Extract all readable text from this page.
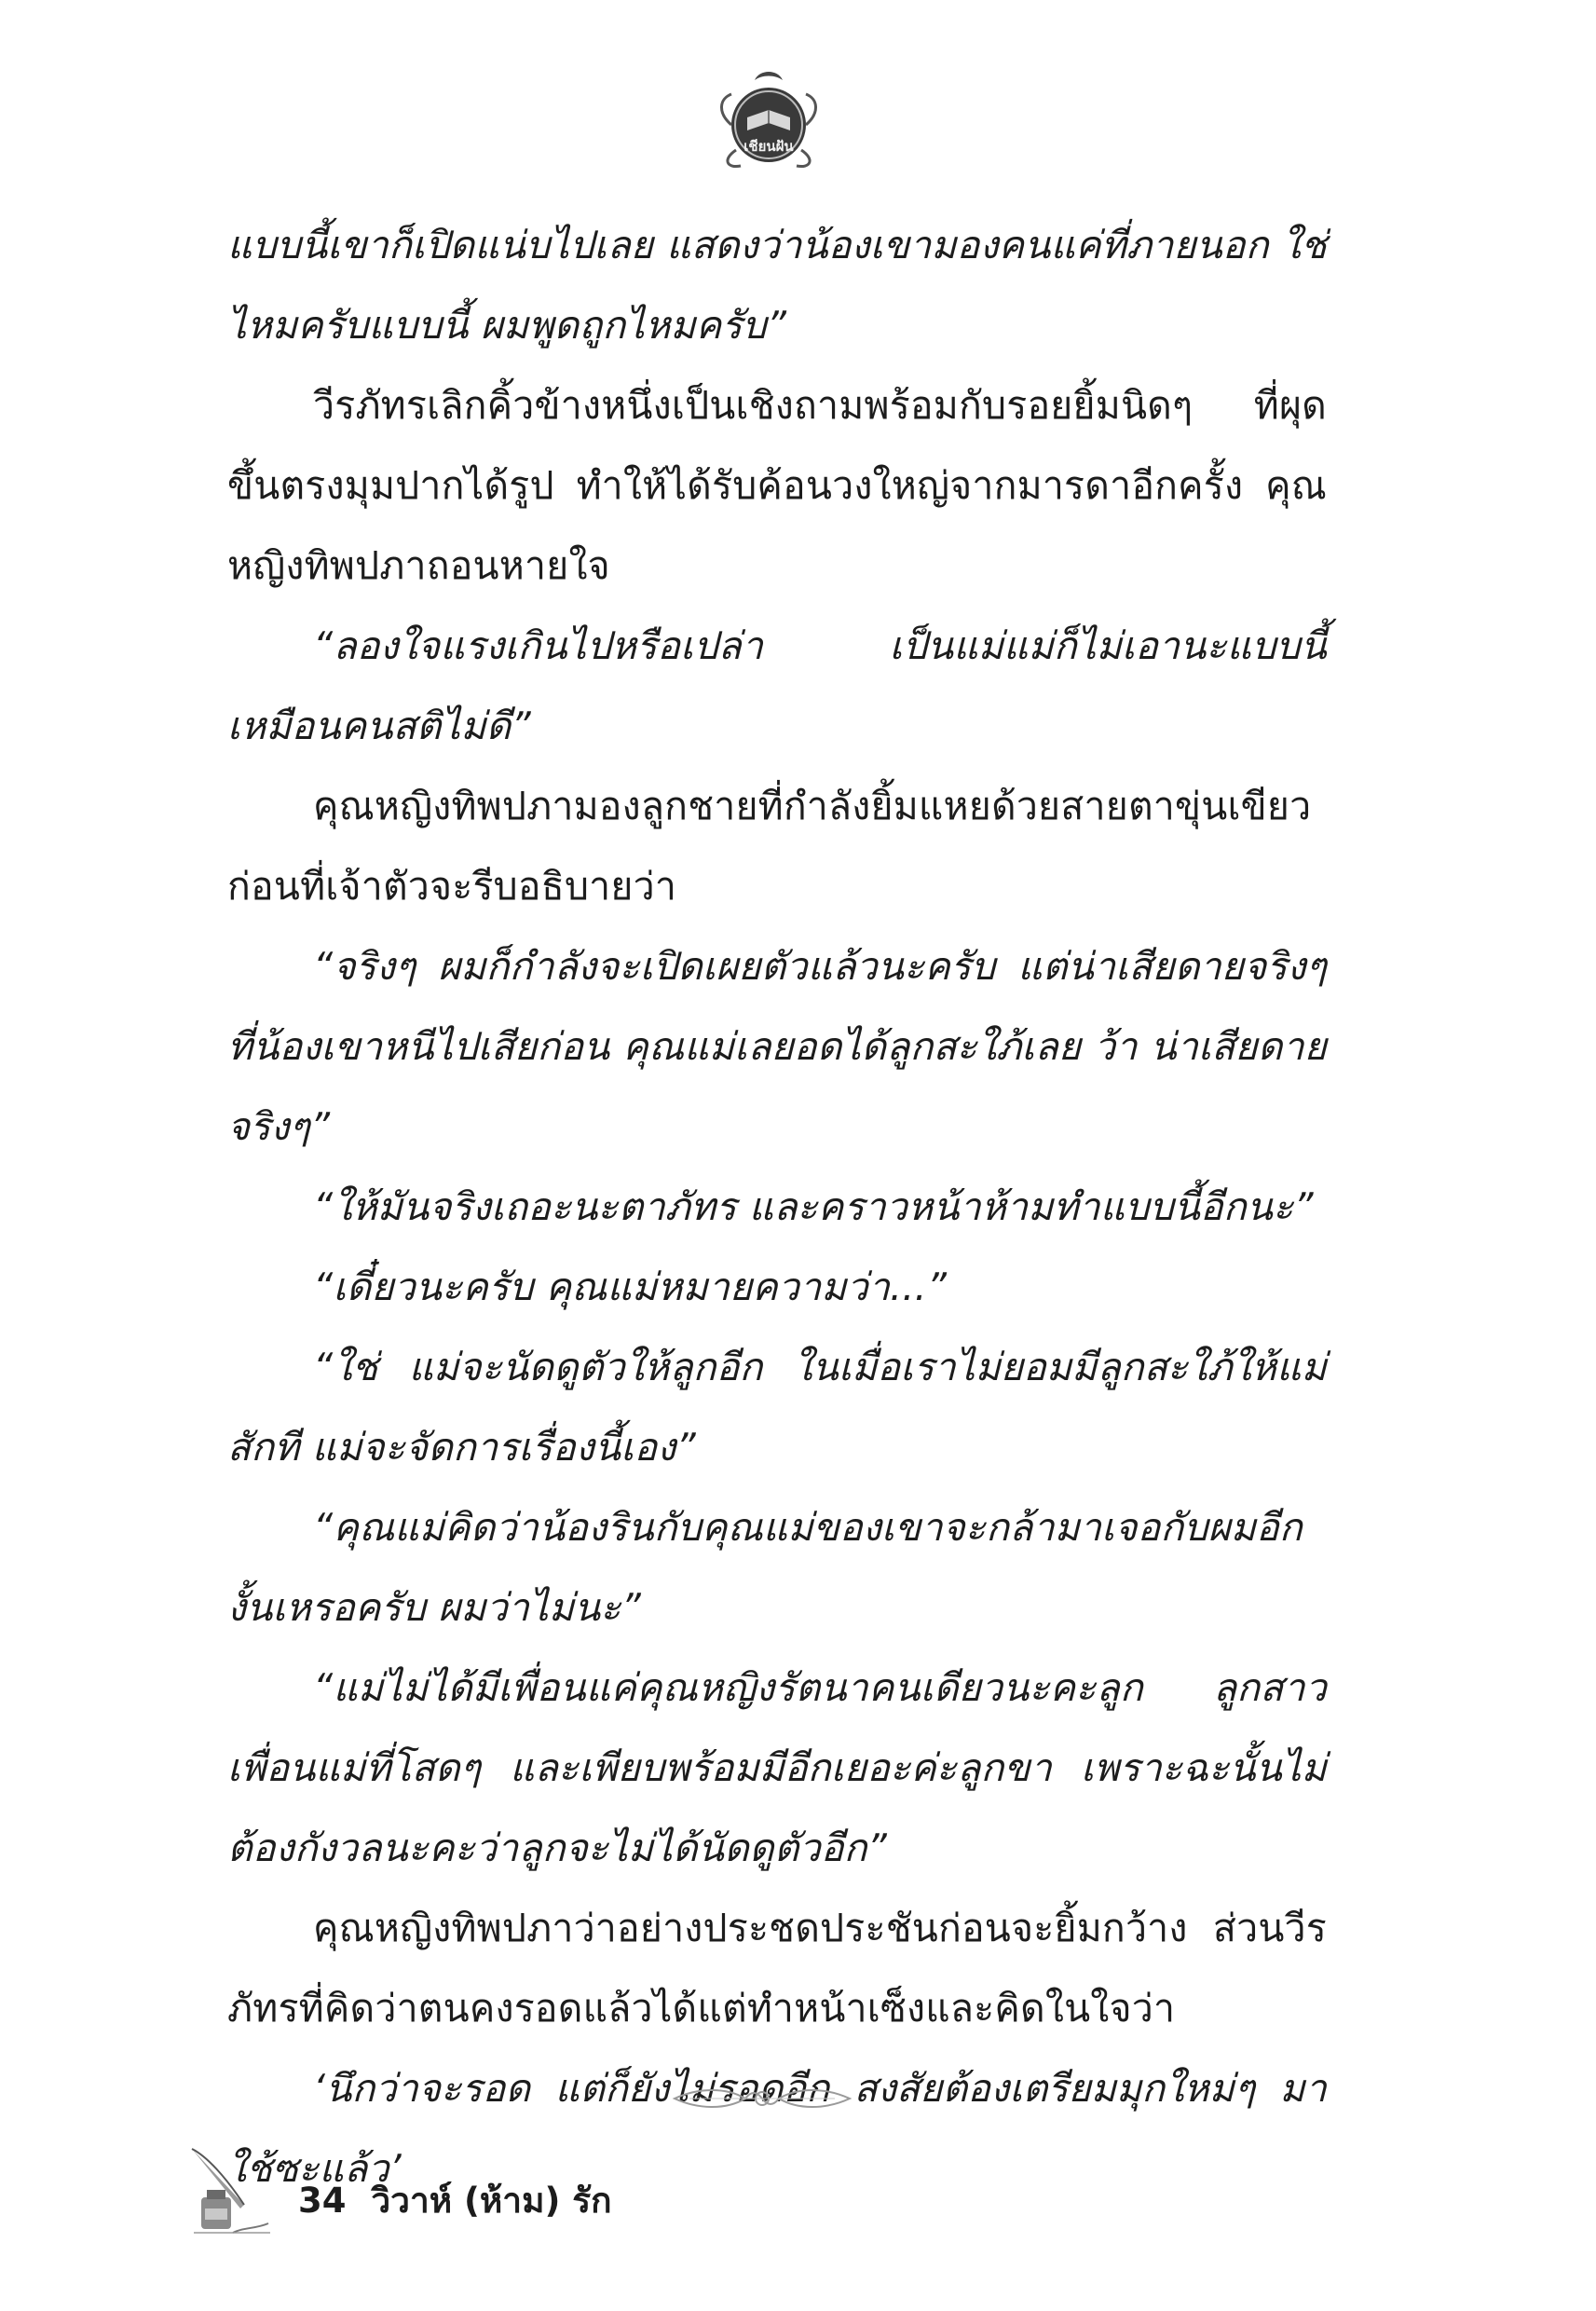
เชียนฝัน

แบบนี้เขาก็เปิดแน่บไปเลย แสดงว่าน้องเขามองคนแค่ที่ภายนอก ใช่ไหมครับแบบนี้ ผมพูดถูกไหมครับ”

วีรภัทรเลิกคิ้วข้างหนึ่งเป็นเชิงถามพร้อมกับรอยยิ้มนิดๆ ที่ผุดขึ้นตรงมุมปากได้รูป ทำให้ได้รับค้อนวงใหญ่จากมารดาอีกครั้ง คุณหญิงทิพปภาถอนหายใจ

“ลองใจแรงเกินไปหรือเปล่า เป็นแม่แม่ก็ไม่เอานะแบบนี้ เหมือนคนสติไม่ดี”

คุณหญิงทิพปภามองลูกชายที่กำลังยิ้มแหยด้วยสายตาขุ่นเขียวก่อนที่เจ้าตัวจะรีบอธิบายว่า

“จริงๆ ผมก็กำลังจะเปิดเผยตัวแล้วนะครับ แต่น่าเสียดายจริงๆ ที่น้องเขาหนีไปเสียก่อน คุณแม่เลยอดได้ลูกสะใภ้เลย ว้า น่าเสียดายจริงๆ”

“ให้มันจริงเถอะนะตาภัทร และคราวหน้าห้ามทำแบบนี้อีกนะ”

“เดี๋ยวนะครับ คุณแม่หมายความว่า...”

“ใช่ แม่จะนัดดูตัวให้ลูกอีก ในเมื่อเราไม่ยอมมีลูกสะใภ้ให้แม่สักที แม่จะจัดการเรื่องนี้เอง”

“คุณแม่คิดว่าน้องรินกับคุณแม่ของเขาจะกล้ามาเจอกับผมอีกงั้นเหรอครับ ผมว่าไม่นะ”

“แม่ไม่ได้มีเพื่อนแค่คุณหญิงรัตนาคนเดียวนะคะลูก ลูกสาวเพื่อนแม่ที่โสดๆ และเพียบพร้อมมีอีกเยอะค่ะลูกขา เพราะฉะนั้นไม่ต้องกังวลนะคะว่าลูกจะไม่ได้นัดดูตัวอีก”

คุณหญิงทิพปภาว่าอย่างประชดประชันก่อนจะยิ้มกว้าง ส่วนวีรภัทรที่คิดว่าตนคงรอดแล้วได้แต่ทำหน้าเซ็งและคิดในใจว่า

‘นึกว่าจะรอด แต่ก็ยังไม่รอดอีก สงสัยต้องเตรียมมุกใหม่ๆ มาใช้ซะแล้ว’

34 วิวาห์ (ห้าม) รัก
